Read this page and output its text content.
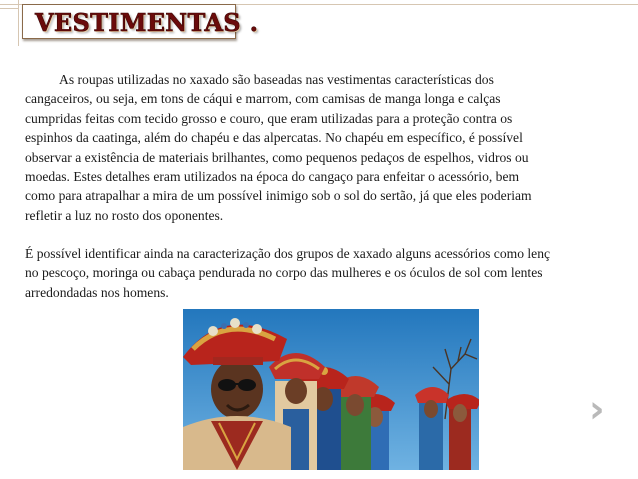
VESTIMENTAS .

As roupas utilizadas no xaxado são baseadas nas vestimentas características dos

cangaceiros, ou seja, em tons de cáqui e marrom, com camisas de manga longa e calças

cumpridas feitas com tecido grosso e couro, que eram utilizadas para a proteção contra os

espinhos da caatinga, além do chapéu e das alpercatas. No chapéu em específico, é possível

observar a existência de materiais brilhantes, como pequenos pedaços de espelhos, vidros ou

moedas. Estes detalhes eram utilizados na época do cangaço para enfeitar o acessório, bem

como para atrapalhar a mira de um possível inimigo sob o sol do sertão, já que eles poderiam

refletir a luz no rosto dos oponentes.

É possível identificar ainda na caracterização dos grupos de xaxado alguns acessórios como lenç

no pescoço, moringa ou cabaça pendurada no corpo das mulheres e os óculos de sol com lentes

arredondadas nos homens.

›
